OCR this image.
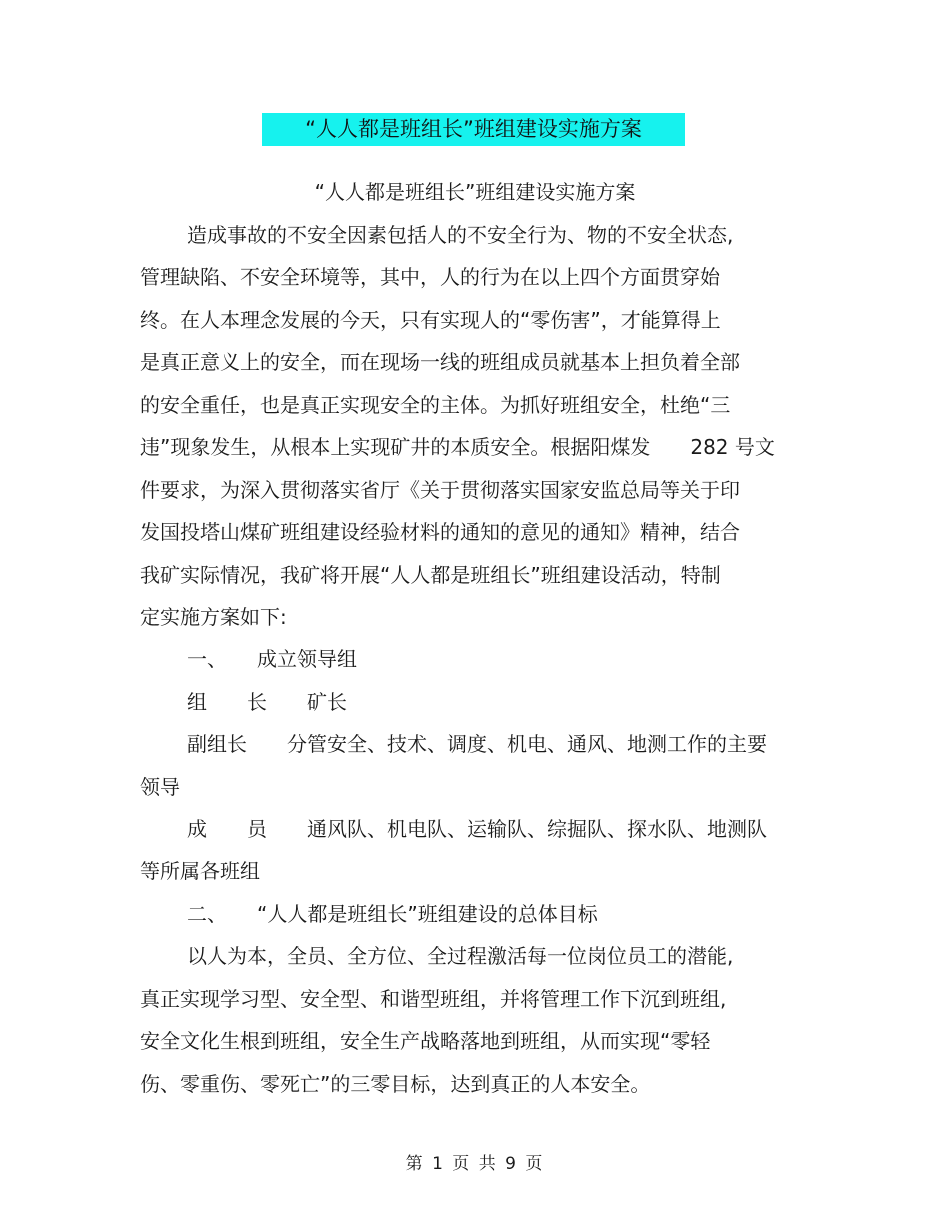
“人人都是班组长”班组建设实施方案
“人人都是班组长”班组建设实施方案
造成事故的不安全因素包括人的不安全行为、物的不安全状态,
管理缺陷、不安全环境等，其中，人的行为在以上四个方面贯穿始
终。在人本理念发展的今天，只有实现人的“零伤害”，才能算得上
是真正意义上的安全，而在现场一线的班组成员就基本上担负着全部
的安全重任，也是真正实现安全的主体。为抓好班组安全，杜绝“三
违”现象发生，从根本上实现矿井的本质安全。根据阳煤发　　282 号文
件要求，为深入贯彻落实省厅《关于贯彻落实国家安监总局等关于印
发国投塔山煤矿班组建设经验材料的通知的意见的通知》精神，结合
我矿实际情况，我矿将开展“人人都是班组长”班组建设活动，特制
定实施方案如下:
一、　　成立领导组
组　　长　　矿长
副组长　　分管安全、技术、调度、机电、通风、地测工作的主要
领导
成　　员　　通风队、机电队、运输队、综掘队、探水队、地测队
等所属各班组
二、　　“人人都是班组长”班组建设的总体目标
以人为本，全员、全方位、全过程激活每一位岗位员工的潜能,
真正实现学习型、安全型、和谐型班组，并将管理工作下沉到班组,
安全文化生根到班组，安全生产战略落地到班组，从而实现“零轻
伤、零重伤、零死亡”的三零目标，达到真正的人本安全。
第 1 页 共 9 页
